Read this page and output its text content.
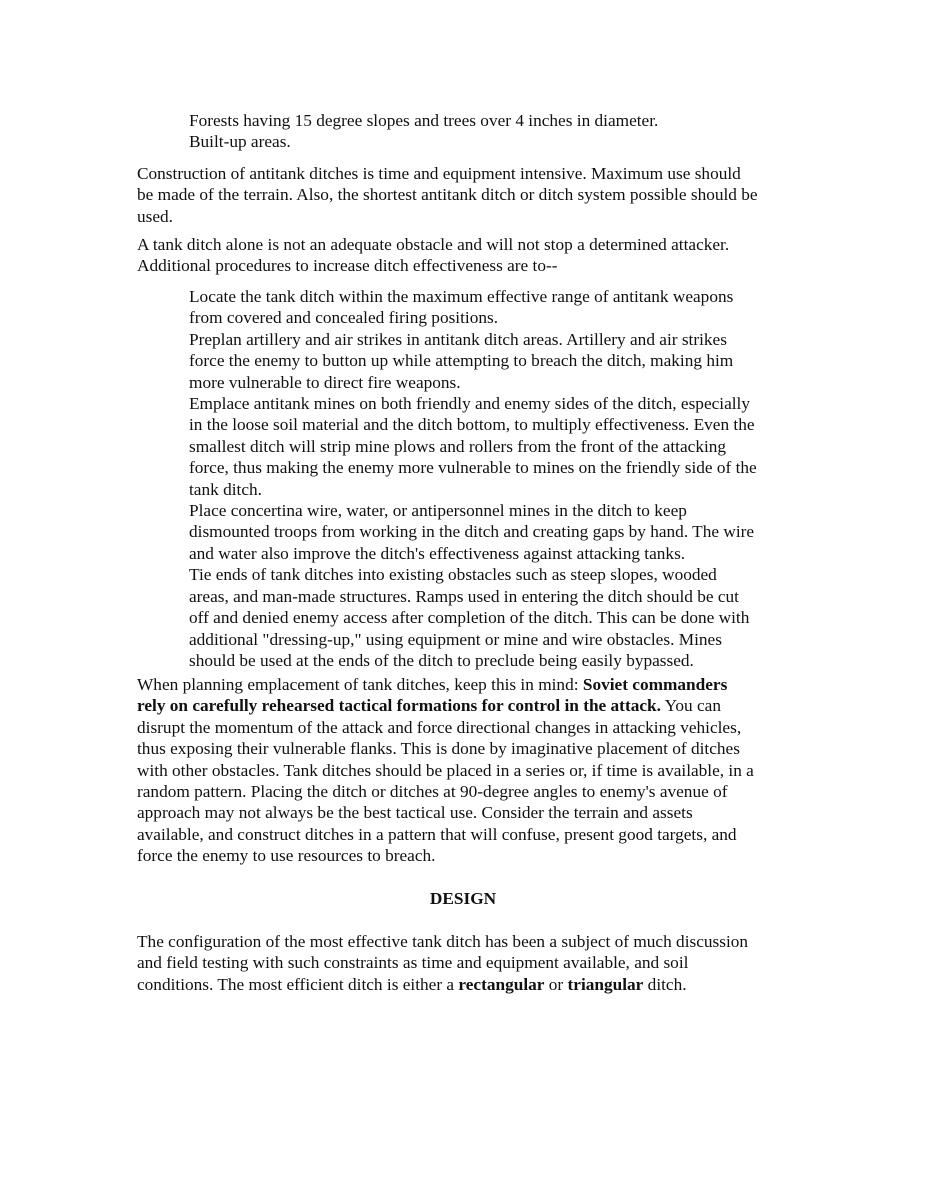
Forests having 15 degree slopes and trees over 4 inches in diameter.
Built-up areas.
Construction of antitank ditches is time and equipment intensive. Maximum use should
be made of the terrain. Also, the shortest antitank ditch or ditch system possible should be
used.
A tank ditch alone is not an adequate obstacle and will not stop a determined attacker.
Additional procedures to increase ditch effectiveness are to--
Locate the tank ditch within the maximum effective range of antitank weapons
from covered and concealed firing positions.
Preplan artillery and air strikes in antitank ditch areas. Artillery and air strikes
force the enemy to button up while attempting to breach the ditch, making him
more vulnerable to direct fire weapons.
Emplace antitank mines on both friendly and enemy sides of the ditch, especially
in the loose soil material and the ditch bottom, to multiply effectiveness. Even the
smallest ditch will strip mine plows and rollers from the front of the attacking
force, thus making the enemy more vulnerable to mines on the friendly side of the
tank ditch.
Place concertina wire, water, or antipersonnel mines in the ditch to keep
dismounted troops from working in the ditch and creating gaps by hand. The wire
and water also improve the ditch's effectiveness against attacking tanks.
Tie ends of tank ditches into existing obstacles such as steep slopes, wooded
areas, and man-made structures. Ramps used in entering the ditch should be cut
off and denied enemy access after completion of the ditch. This can be done with
additional "dressing-up," using equipment or mine and wire obstacles. Mines
should be used at the ends of the ditch to preclude being easily bypassed.
When planning emplacement of tank ditches, keep this in mind: Soviet commanders
rely on carefully rehearsed tactical formations for control in the attack. You can
disrupt the momentum of the attack and force directional changes in attacking vehicles,
thus exposing their vulnerable flanks. This is done by imaginative placement of ditches
with other obstacles. Tank ditches should be placed in a series or, if time is available, in a
random pattern. Placing the ditch or ditches at 90-degree angles to enemy's avenue of
approach may not always be the best tactical use. Consider the terrain and assets
available, and construct ditches in a pattern that will confuse, present good targets, and
force the enemy to use resources to breach.
DESIGN
The configuration of the most effective tank ditch has been a subject of much discussion
and field testing with such constraints as time and equipment available, and soil
conditions. The most efficient ditch is either a rectangular or triangular ditch.
